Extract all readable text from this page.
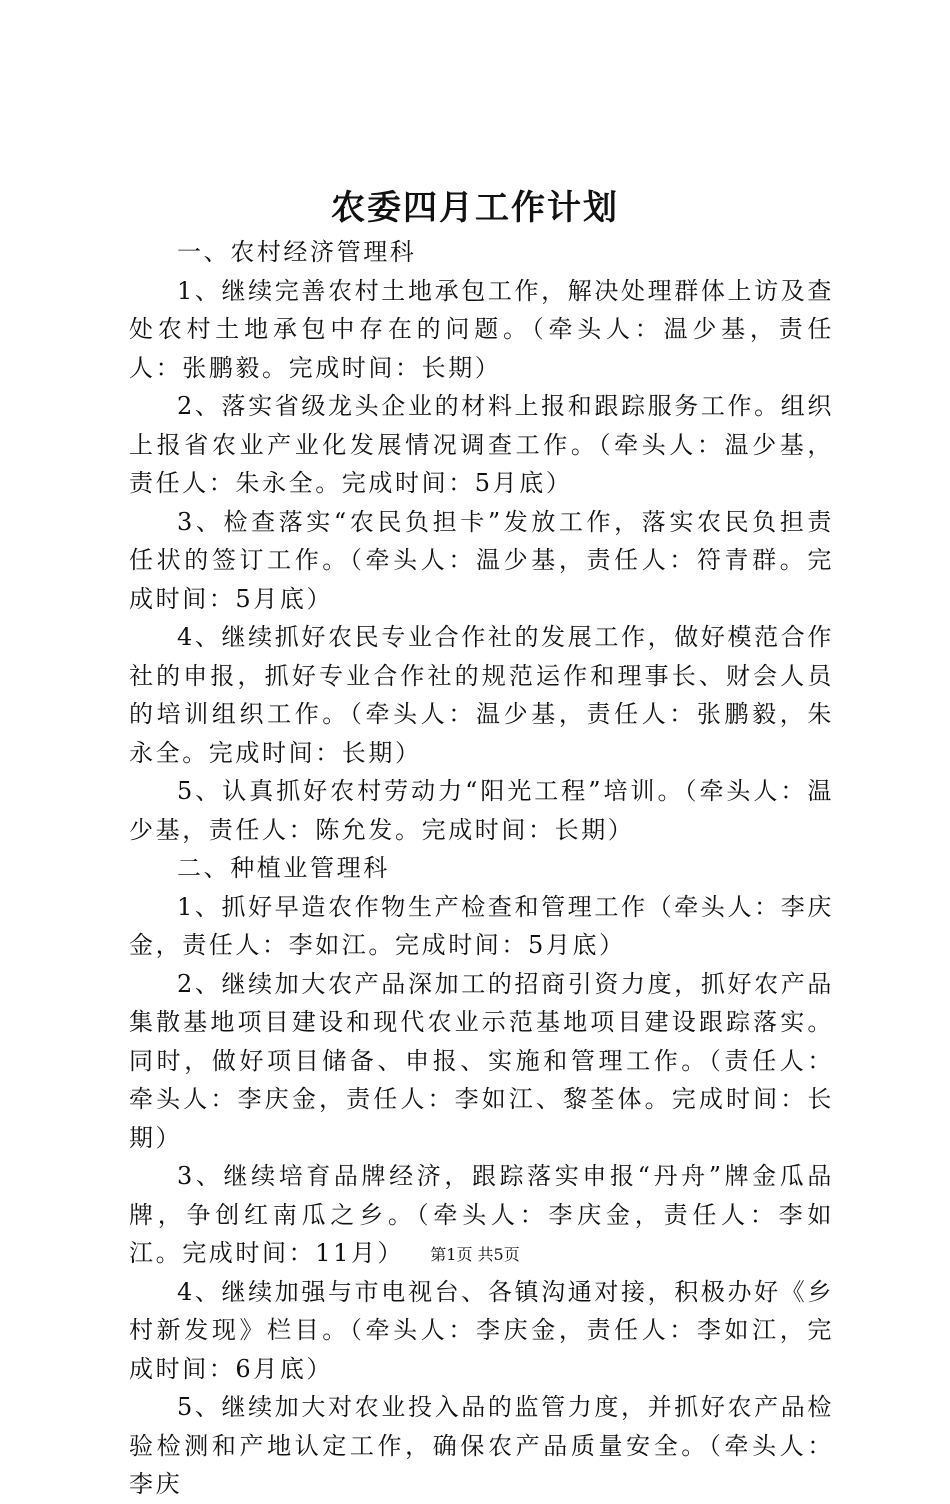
农委四月工作计划

一、农村经济管理科

1、继续完善农村土地承包工作，解决处理群体上访及查处农村土地承包中存在的问题。（牵头人：温少基，责任人：张鹏毅。完成时间：长期）

2、落实省级龙头企业的材料上报和跟踪服务工作。组织上报省农业产业化发展情况调查工作。（牵头人：温少基，责任人：朱永全。完成时间：5月底）

3、检查落实“农民负担卡”发放工作，落实农民负担责任状的签订工作。（牵头人：温少基，责任人：符青群。完成时间：5月底）

4、继续抓好农民专业合作社的发展工作，做好模范合作社的申报，抓好专业合作社的规范运作和理事长、财会人员的培训组织工作。（牵头人：温少基，责任人：张鹏毅，朱永全。完成时间：长期）

5、认真抓好农村劳动力“阳光工程”培训。（牵头人：温少基，责任人：陈允发。完成时间：长期）

二、种植业管理科

1、抓好早造农作物生产检查和管理工作（牵头人：李庆金，责任人：李如江。完成时间：5月底）

2、继续加大农产品深加工的招商引资力度，抓好农产品集散基地项目建设和现代农业示范基地项目建设跟踪落实。同时，做好项目储备、申报、实施和管理工作。（责任人：牵头人：李庆金，责任人：李如江、黎荃体。完成时间：长期）

3、继续培育品牌经济，跟踪落实申报“丹舟”牌金瓜品牌，争创红南瓜之乡。（牵头人：李庆金，责任人：李如江。完成时间：11月）

4、继续加强与市电视台、各镇沟通对接，积极办好《乡村新发现》栏目。（牵头人：李庆金，责任人：李如江，完成时间：6月底）

5、继续加大对农业投入品的监管力度，并抓好农产品检验检测和产地认定工作，确保农产品质量安全。（牵头人：李庆

第1页 共5页
